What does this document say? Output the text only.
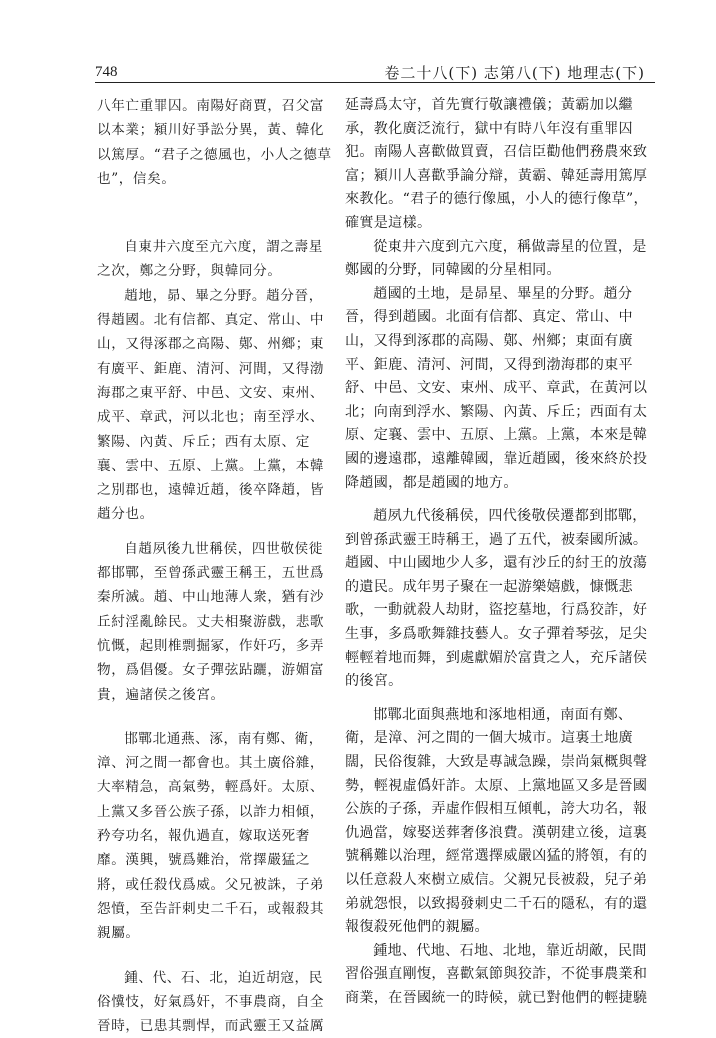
748	卷二十八(下) 志第八(下) 地理志(下)

八年亡重罪囚。南陽好商賈，召父富以本業；潁川好爭訟分異，黃、韓化以篤厚。“君子之德風也，小人之德草也”，信矣。

自東井六度至亢六度，謂之壽星之次，鄭之分野，與韓同分。

趙地，昴、畢之分野。趙分晉，得趙國。北有信都、真定、常山、中山，又得涿郡之高陽、鄚、州鄉；東有廣平、鉅鹿、清河、河間，又得渤海郡之東平舒、中邑、文安、束州、成平、章武，河以北也；南至浮水、繁陽、內黃、斥丘；西有太原、定襄、雲中、五原、上黨。上黨，本韓之別郡也，遠韓近趙，後卒降趙，皆趙分也。

自趙夙後九世稱侯，四世敬侯徙都邯鄲，至曾孫武靈王稱王，五世爲秦所滅。趙、中山地薄人衆，猶有沙丘紂淫亂餘民。丈夫相聚游戲，悲歌忼慨，起則椎剽掘冢，作奸巧，多弄物，爲倡優。女子彈弦跕躧，游媚富貴，遍諸侯之後宮。

邯鄲北通燕、涿，南有鄭、衛，漳、河之間一都會也。其土廣俗雜，大率精急，高氣勢，輕爲奸。太原、上黨又多晉公族子孫，以詐力相傾，矜夸功名，報仇過直，嫁取送死奢靡。漢興，號爲難治，常擇嚴猛之將，或任殺伐爲威。父兄被誅，子弟怨憤，至告訐刺史二千石，或報殺其親屬。

鍾、代、石、北，迫近胡寇，民俗懻忮，好氣爲奸，不事農商，自全晉時，已患其剽悍，而武靈王又益厲

延壽爲太守，首先實行敬讓禮儀；黃霸加以繼承，教化廣泛流行，獄中有時八年沒有重罪囚犯。南陽人喜歡做買賣，召信臣勸他們務農來致富；潁川人喜歡爭論分辯，黃霸、韓延壽用篤厚來教化。“君子的德行像風，小人的德行像草”，確實是這樣。

從東井六度到亢六度，稱做壽星的位置，是鄭國的分野，同韓國的分星相同。

趙國的土地，是昴星、畢星的分野。趙分晉，得到趙國。北面有信都、真定、常山、中山，又得到涿郡的高陽、鄚、州鄉；東面有廣平、鉅鹿、清河、河間，又得到渤海郡的東平舒、中邑、文安、束州、成平、章武，在黃河以北；向南到浮水、繁陽、內黃、斥丘；西面有太原、定襄、雲中、五原、上黨。上黨，本來是韓國的邊遠郡，遠離韓國，靠近趙國，後來終於投降趙國，都是趙國的地方。

趙夙九代後稱侯，四代後敬侯遷都到邯鄲，到曾孫武靈王時稱王，過了五代，被秦國所滅。趙國、中山國地少人多，還有沙丘的紂王的放蕩的遺民。成年男子聚在一起游樂嬉戲，慷慨悲歌，一動就殺人劫財，盜挖墓地，行爲狡詐，好生事，多爲歌舞雜技藝人。女子彈着琴弦，足尖輕輕着地而舞，到處獻媚於富貴之人，充斥諸侯的後宮。

邯鄲北面與燕地和涿地相通，南面有鄭、衛，是漳、河之間的一個大城市。這裏土地廣闊，民俗復雜，大致是專誠急躁，崇尚氣概與聲勢，輕視虛僞奸詐。太原、上黨地區又多是晉國公族的子孫，弄虛作假相互傾軋，誇大功名，報仇過當，嫁娶送葬奢侈浪費。漢朝建立後，這裏號稱難以治理，經常選擇威嚴凶猛的將領，有的以任意殺人來樹立威信。父親兄長被殺，兒子弟弟就怨恨，以致揭發刺史二千石的隱私，有的還報復殺死他們的親屬。

鍾地、代地、石地、北地，靠近胡敵，民間習俗强直剛愎，喜歡氣節與狡詐，不從事農業和商業，在晉國統一的時候，就已對他們的輕捷驍
